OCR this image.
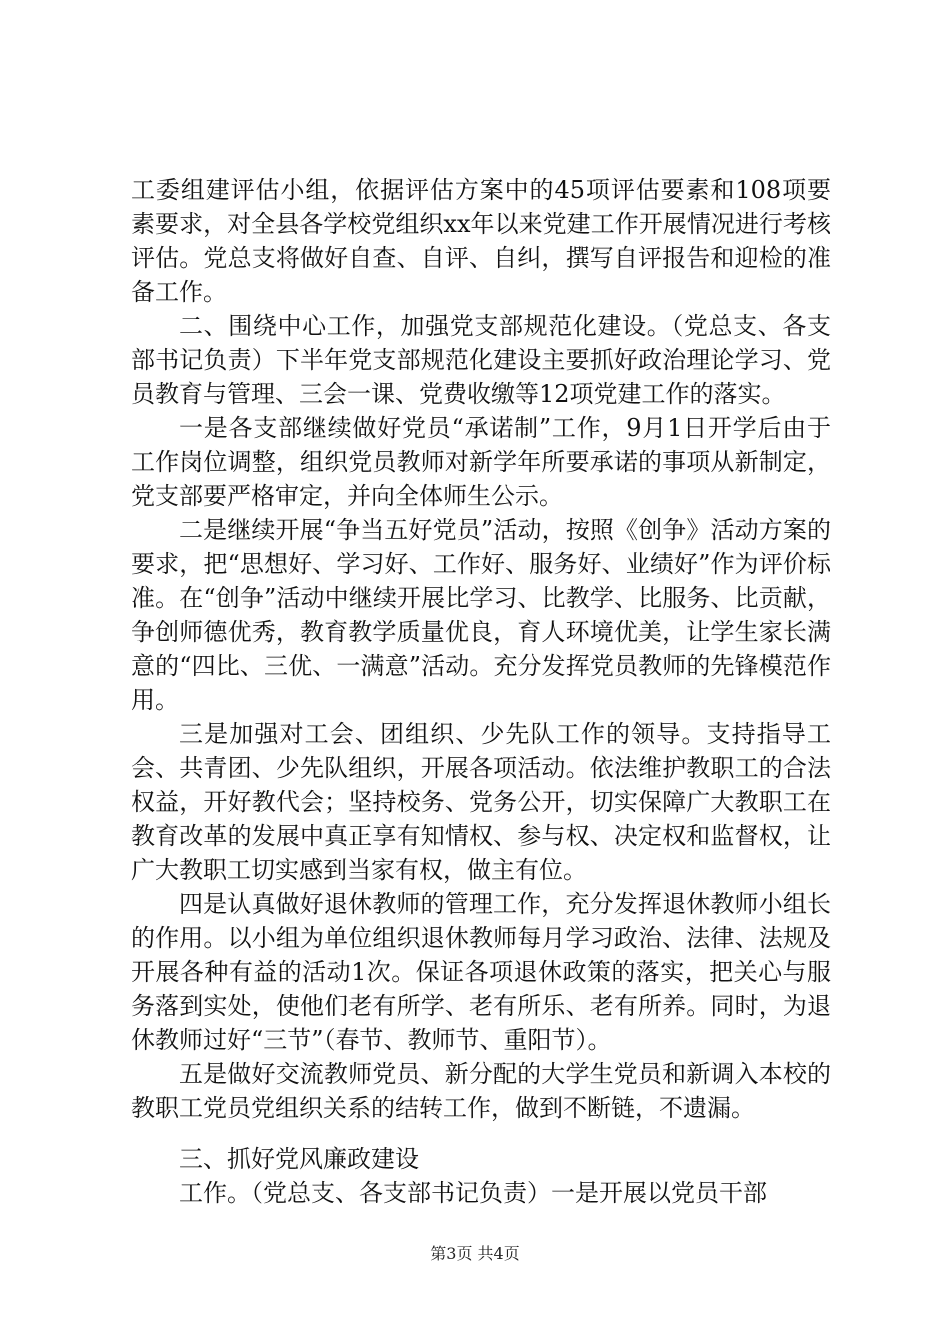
工委组建评估小组，依据评估方案中的45项评估要素和108项要素要求，对全县各学校党组织xx年以来党建工作开展情况进行考核评估。党总支将做好自查、自评、自纠，撰写自评报告和迎检的准备工作。

二、围绕中心工作，加强党支部规范化建设。（党总支、各支部书记负责）下半年党支部规范化建设主要抓好政治理论学习、党员教育与管理、三会一课、党费收缴等12项党建工作的落实。

一是各支部继续做好党员“承诺制”工作，9月1日开学后由于工作岗位调整，组织党员教师对新学年所要承诺的事项从新制定，党支部要严格审定，并向全体师生公示。

二是继续开展“争当五好党员”活动，按照《创争》活动方案的要求，把“思想好、学习好、工作好、服务好、业绩好”作为评价标准。在“创争”活动中继续开展比学习、比教学、比服务、比贡献，争创师德优秀，教育教学质量优良，育人环境优美，让学生家长满意的“四比、三优、一满意”活动。充分发挥党员教师的先锋模范作用。

三是加强对工会、团组织、少先队工作的领导。支持指导工会、共青团、少先队组织，开展各项活动。依法维护教职工的合法权益，开好教代会；坚持校务、党务公开，切实保障广大教职工在教育改革的发展中真正享有知情权、参与权、决定权和监督权，让广大教职工切实感到当家有权，做主有位。

四是认真做好退休教师的管理工作，充分发挥退休教师小组长的作用。以小组为单位组织退休教师每月学习政治、法律、法规及开展各种有益的活动1次。保证各项退休政策的落实，把关心与服务落到实处，使他们老有所学、老有所乐、老有所养。同时，为退休教师过好“三节”（春节、教师节、重阳节）。

五是做好交流教师党员、新分配的大学生党员和新调入本校的教职工党员党组织关系的结转工作，做到不断链，不遗漏。

三、抓好党风廉政建设

工作。（党总支、各支部书记负责）一是开展以党员干部

第3页 共4页
